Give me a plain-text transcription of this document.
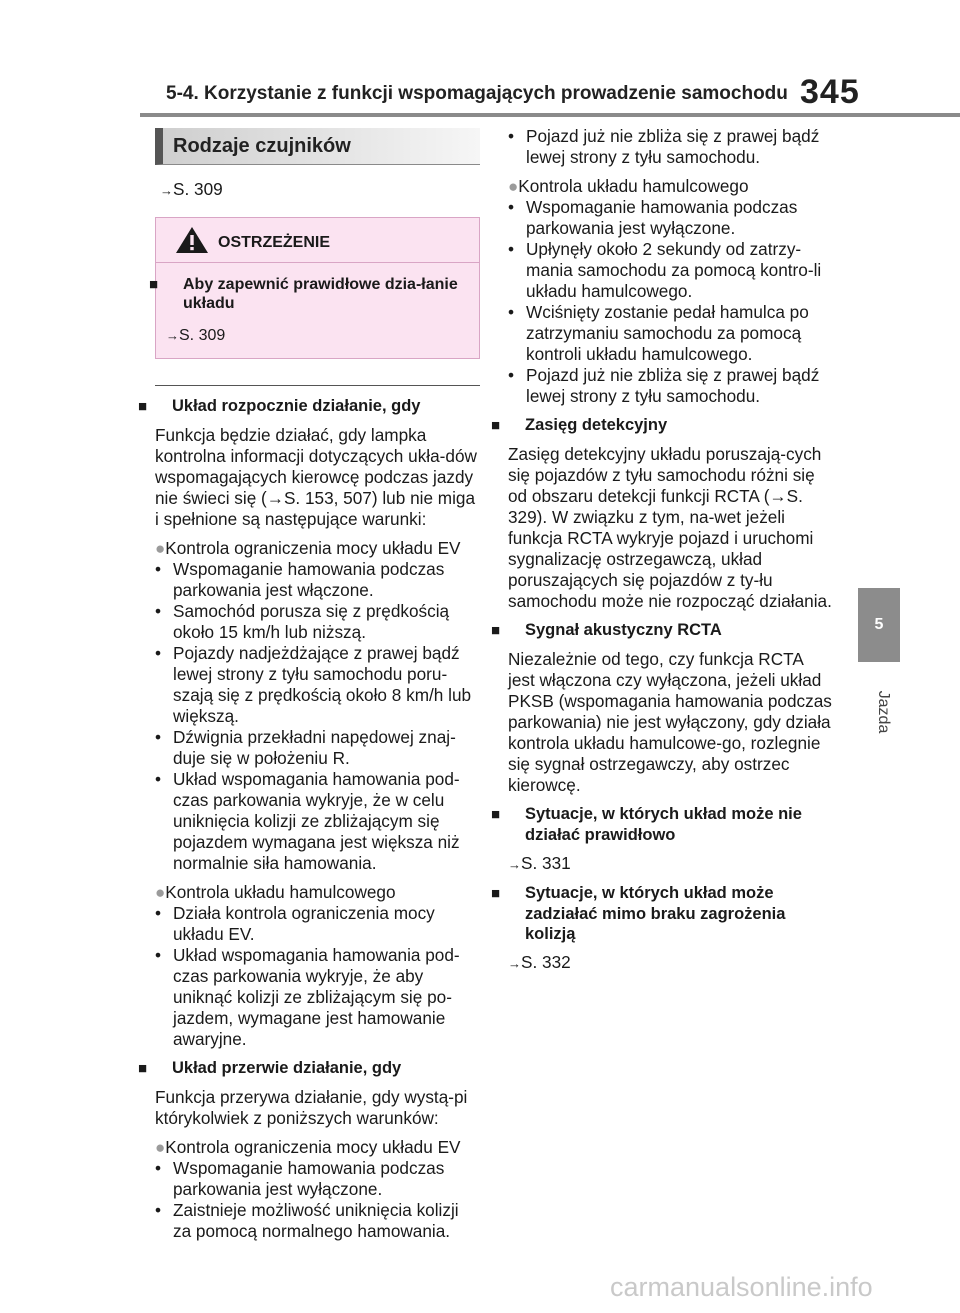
5-4. Korzystanie z funkcji wspomagających prowadzenie samochodu 345
5
Jazda
Rodzaje czujników
→S. 309
OSTRZEŻENIE
■ Aby zapewnić prawidłowe dzia-łanie układu
→S. 309
■ Układ rozpocznie działanie, gdy
Funkcja będzie działać, gdy lampka kontrolna informacji dotyczących ukła-dów wspomagających kierowcę podczas jazdy nie świeci się (→S. 153, 507) lub nie miga i spełnione są następujące warunki:
●Kontrola ograniczenia mocy układu EV
• Wspomaganie hamowania podczas parkowania jest włączone.
• Samochód porusza się z prędkością około 15 km/h lub niższą.
• Pojazdy nadjeżdżające z prawej bądź lewej strony z tyłu samochodu poru-szają się z prędkością około 8 km/h lub większą.
• Dźwignia przekładni napędowej znaj-duje się w położeniu R.
• Układ wspomagania hamowania pod-czas parkowania wykryje, że w celu uniknięcia kolizji ze zbliżającym się pojazdem wymagana jest większa niż normalnie siła hamowania.
●Kontrola układu hamulcowego
• Działa kontrola ograniczenia mocy układu EV.
• Układ wspomagania hamowania pod-czas parkowania wykryje, że aby uniknąć kolizji ze zbliżającym się po-jazdem, wymagane jest hamowanie awaryjne.
■ Układ przerwie działanie, gdy
Funkcja przerywa działanie, gdy wystą-pi którykolwiek z poniższych warunków:
●Kontrola ograniczenia mocy układu EV
• Wspomaganie hamowania podczas parkowania jest wyłączone.
• Zaistnieje możliwość uniknięcia kolizji za pomocą normalnego hamowania.
• Pojazd już nie zbliża się z prawej bądź lewej strony z tyłu samochodu.
●Kontrola układu hamulcowego
• Wspomaganie hamowania podczas parkowania jest wyłączone.
• Upłynęły około 2 sekundy od zatrzy-mania samochodu za pomocą kontro-li układu hamulcowego.
• Wciśnięty zostanie pedał hamulca po zatrzymaniu samochodu za pomocą kontroli układu hamulcowego.
• Pojazd już nie zbliża się z prawej bądź lewej strony z tyłu samochodu.
■ Zasięg detekcyjny
Zasięg detekcyjny układu poruszają-cych się pojazdów z tyłu samochodu różni się od obszaru detekcji funkcji RCTA (→S. 329). W związku z tym, na-wet jeżeli funkcja RCTA wykryje pojazd i uruchomi sygnalizację ostrzegawczą, układ poruszających się pojazdów z ty-łu samochodu może nie rozpocząć działania.
■ Sygnał akustyczny RCTA
Niezależnie od tego, czy funkcja RCTA jest włączona czy wyłączona, jeżeli układ PKSB (wspomagania hamowania podczas parkowania) nie jest wyłączony, gdy działa kontrola układu hamulcowe-go, rozlegnie się sygnał ostrzegawczy, aby ostrzec kierowcę.
■ Sytuacje, w których układ może nie działać prawidłowo
→S. 331
■ Sytuacje, w których układ może zadziałać mimo braku zagrożenia kolizją
→S. 332
carmanualsonline.info
